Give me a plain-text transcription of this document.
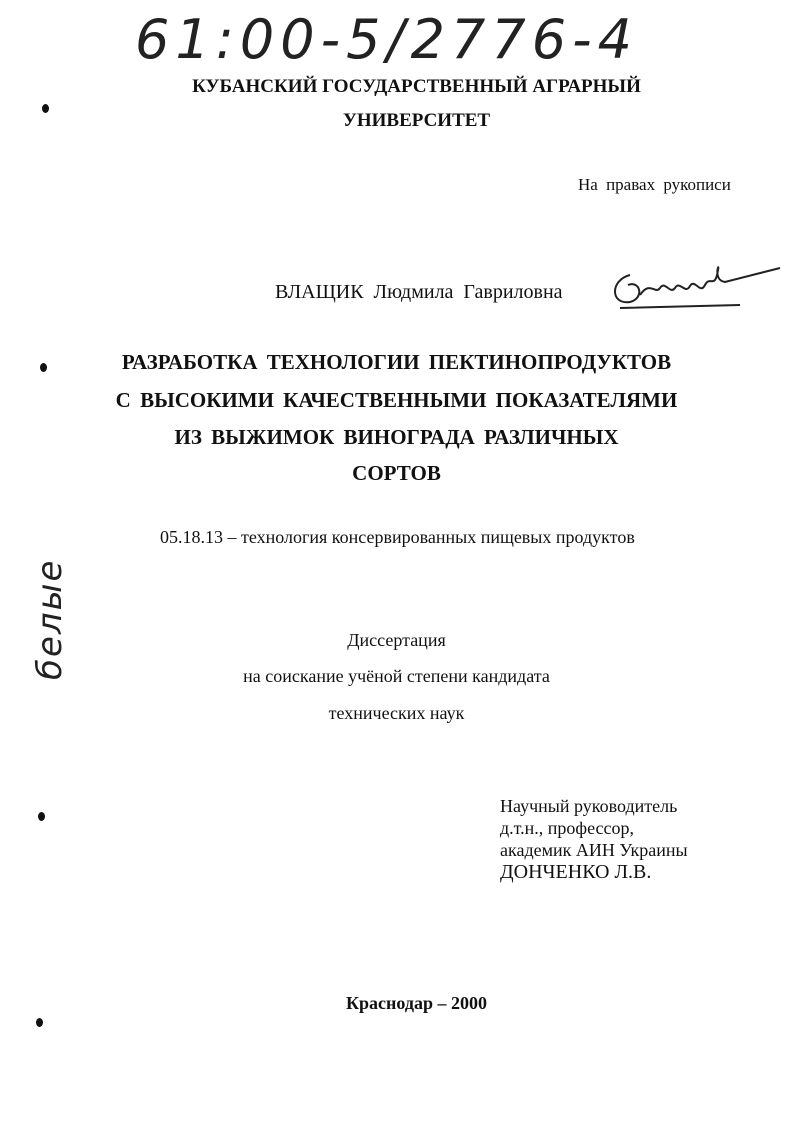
61:00-5/2776-4
КУБАНСКИЙ ГОСУДАРСТВЕННЫЙ АГРАРНЫЙ
УНИВЕРСИТЕТ
На правах рукописи
ВЛАЩИК Людмила Гавриловна
РАЗРАБОТКА ТЕХНОЛОГИИ ПЕКТИНОПРОДУКТОВ
С ВЫСОКИМИ КАЧЕСТВЕННЫМИ ПОКАЗАТЕЛЯМИ
ИЗ ВЫЖИМОК ВИНОГРАДА РАЗЛИЧНЫХ
СОРТОВ
05.18.13 – технология консервированных пищевых продуктов
Диссертация
на соискание учёной степени кандидата
технических наук
Научный руководитель
д.т.н., профессор,
академик АИН Украины
ДОНЧЕНКО Л.В.
Краснодар – 2000
белые
